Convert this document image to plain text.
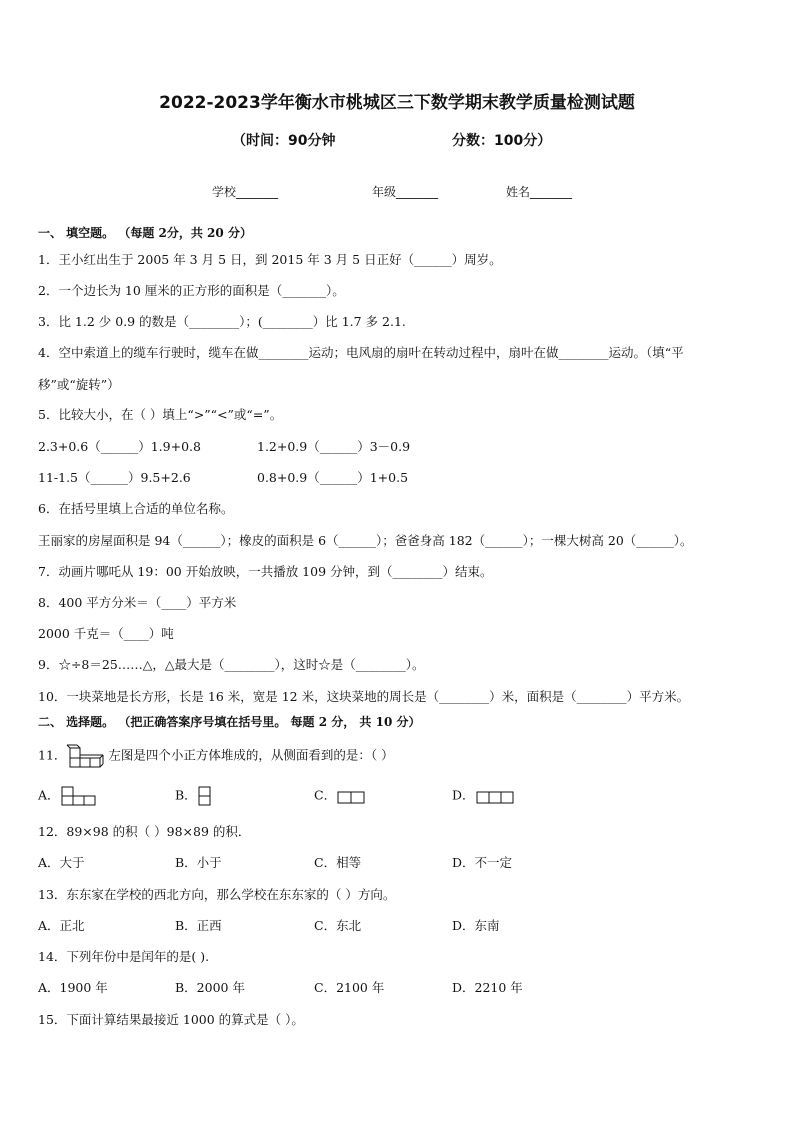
2022-2023学年衡水市桃城区三下数学期末教学质量检测试题
（时间：90分钟	分数：100分）
学校_______	年级_______	姓名_______
一、 填空题。 （每题 2分，共 20 分）
1．王小红出生于 2005 年 3 月 5 日，到 2015 年 3 月 5 日正好（______）周岁。
2．一个边长为 10 厘米的正方形的面积是（_______）。
3．比 1.2 少 0.9 的数是（________）；(________）比 1.7 多 2.1.
4．空中索道上的缆车行驶时，缆车在做________运动；电风扇的扇叶在转动过程中，扇叶在做________运动。（填“平
移”或“旋转”）
5．比较大小，在（ ）填上“>”“<”或“=”。
2.3+0.6（______）1.9+0.8	1.2+0.9（______）3－0.9
11-1.5（______）9.5+2.6	0.8+0.9（______）1+0.5
6．在括号里填上合适的单位名称。
王丽家的房屋面积是 94（______）；橡皮的面积是 6（______）；爸爸身高 182（______）；一棵大树高 20（______）。
7．动画片哪吒从 19：00 开始放映，一共播放 109 分钟，到（________）结束。
8．400 平方分米＝（____）平方米
2000 千克＝（____）吨
9．☆÷8＝25……△，△最大是（________），这时☆是（________）。
10．一块菜地是长方形，长是 16 米，宽是 12 米，这块菜地的周长是（________）米，面积是（________）平方米。
二、 选择题。 （把正确答案序号填在括号里。 每题 2 分， 共 10 分）
11．	左图是四个小正方体堆成的，从侧面看到的是：（ ）
A．	B．	C．	D．
12．89×98 的积（ ）98×89 的积．
A．大于	B．小于	C．相等	D．不一定
13．东东家在学校的西北方向，那么学校在东东家的（ ）方向。
A．正北	B．正西	C．东北	D．东南
14．下列年份中是闰年的是( ).
A．1900 年	B．2000 年	C．2100 年	D．2210 年
15．下面计算结果最接近 1000 的算式是（ ）。
